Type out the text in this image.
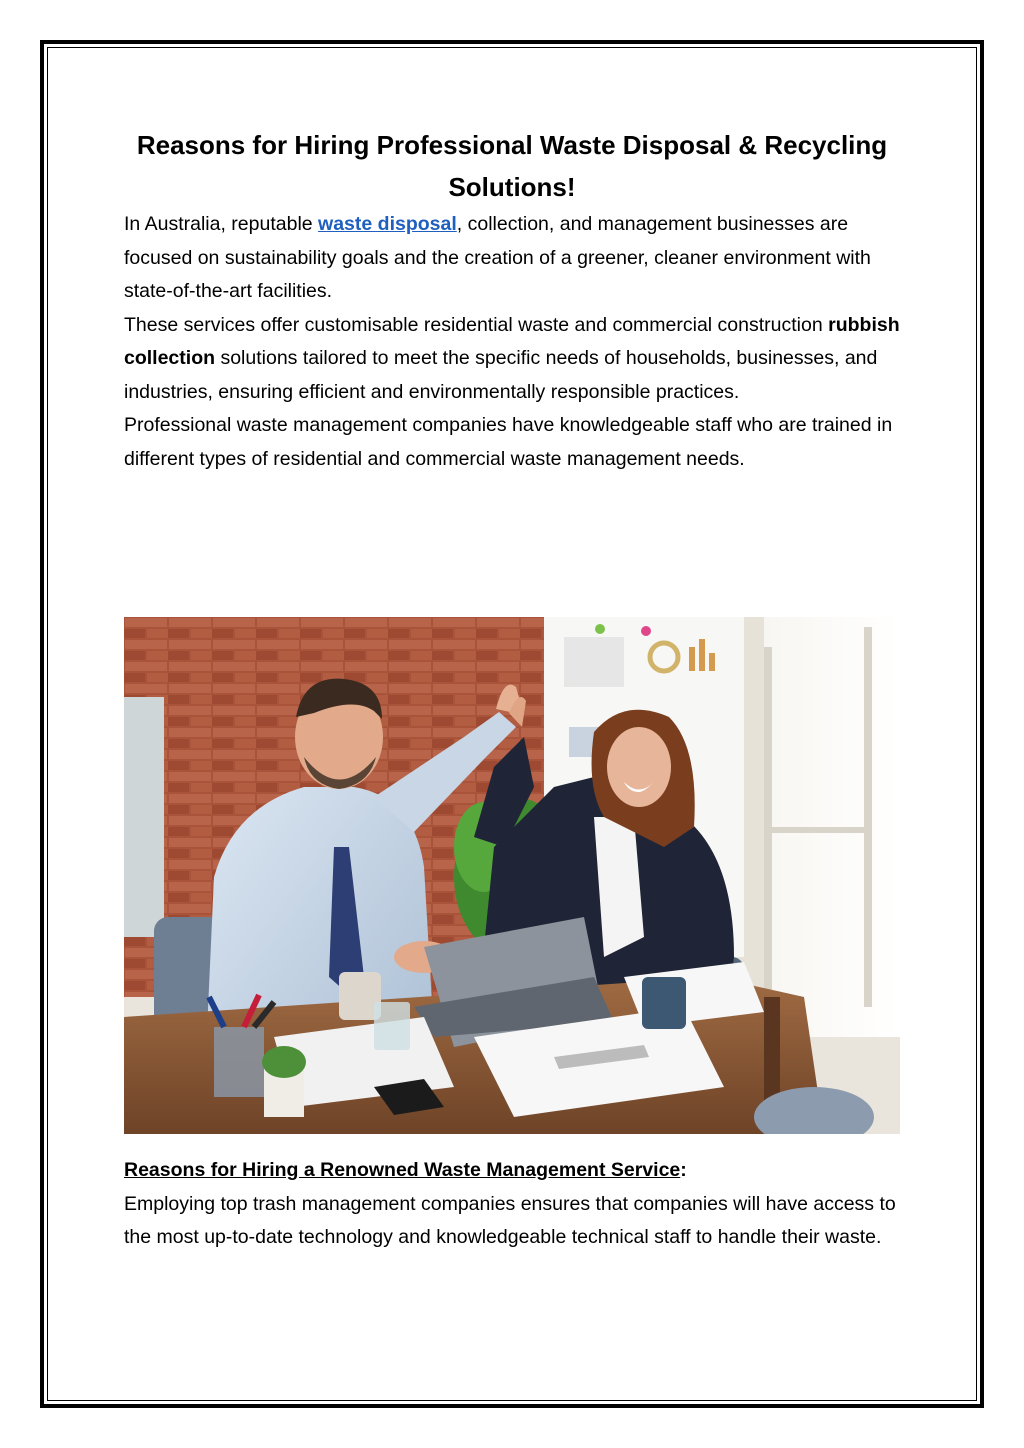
Reasons for Hiring Professional Waste Disposal & Recycling Solutions!

In Australia, reputable waste disposal, collection, and management businesses are focused on sustainability goals and the creation of a greener, cleaner environment with state-of-the-art facilities.

These services offer customisable residential waste and commercial construction rubbish collection solutions tailored to meet the specific needs of households, businesses, and industries, ensuring efficient and environmentally responsible practices.

Professional waste management companies have knowledgeable staff who are trained in different types of residential and commercial waste management needs.

Reasons for Hiring a Renowned Waste Management Service:

Employing top trash management companies ensures that companies will have access to the most up-to-date technology and knowledgeable technical staff to handle their waste.
